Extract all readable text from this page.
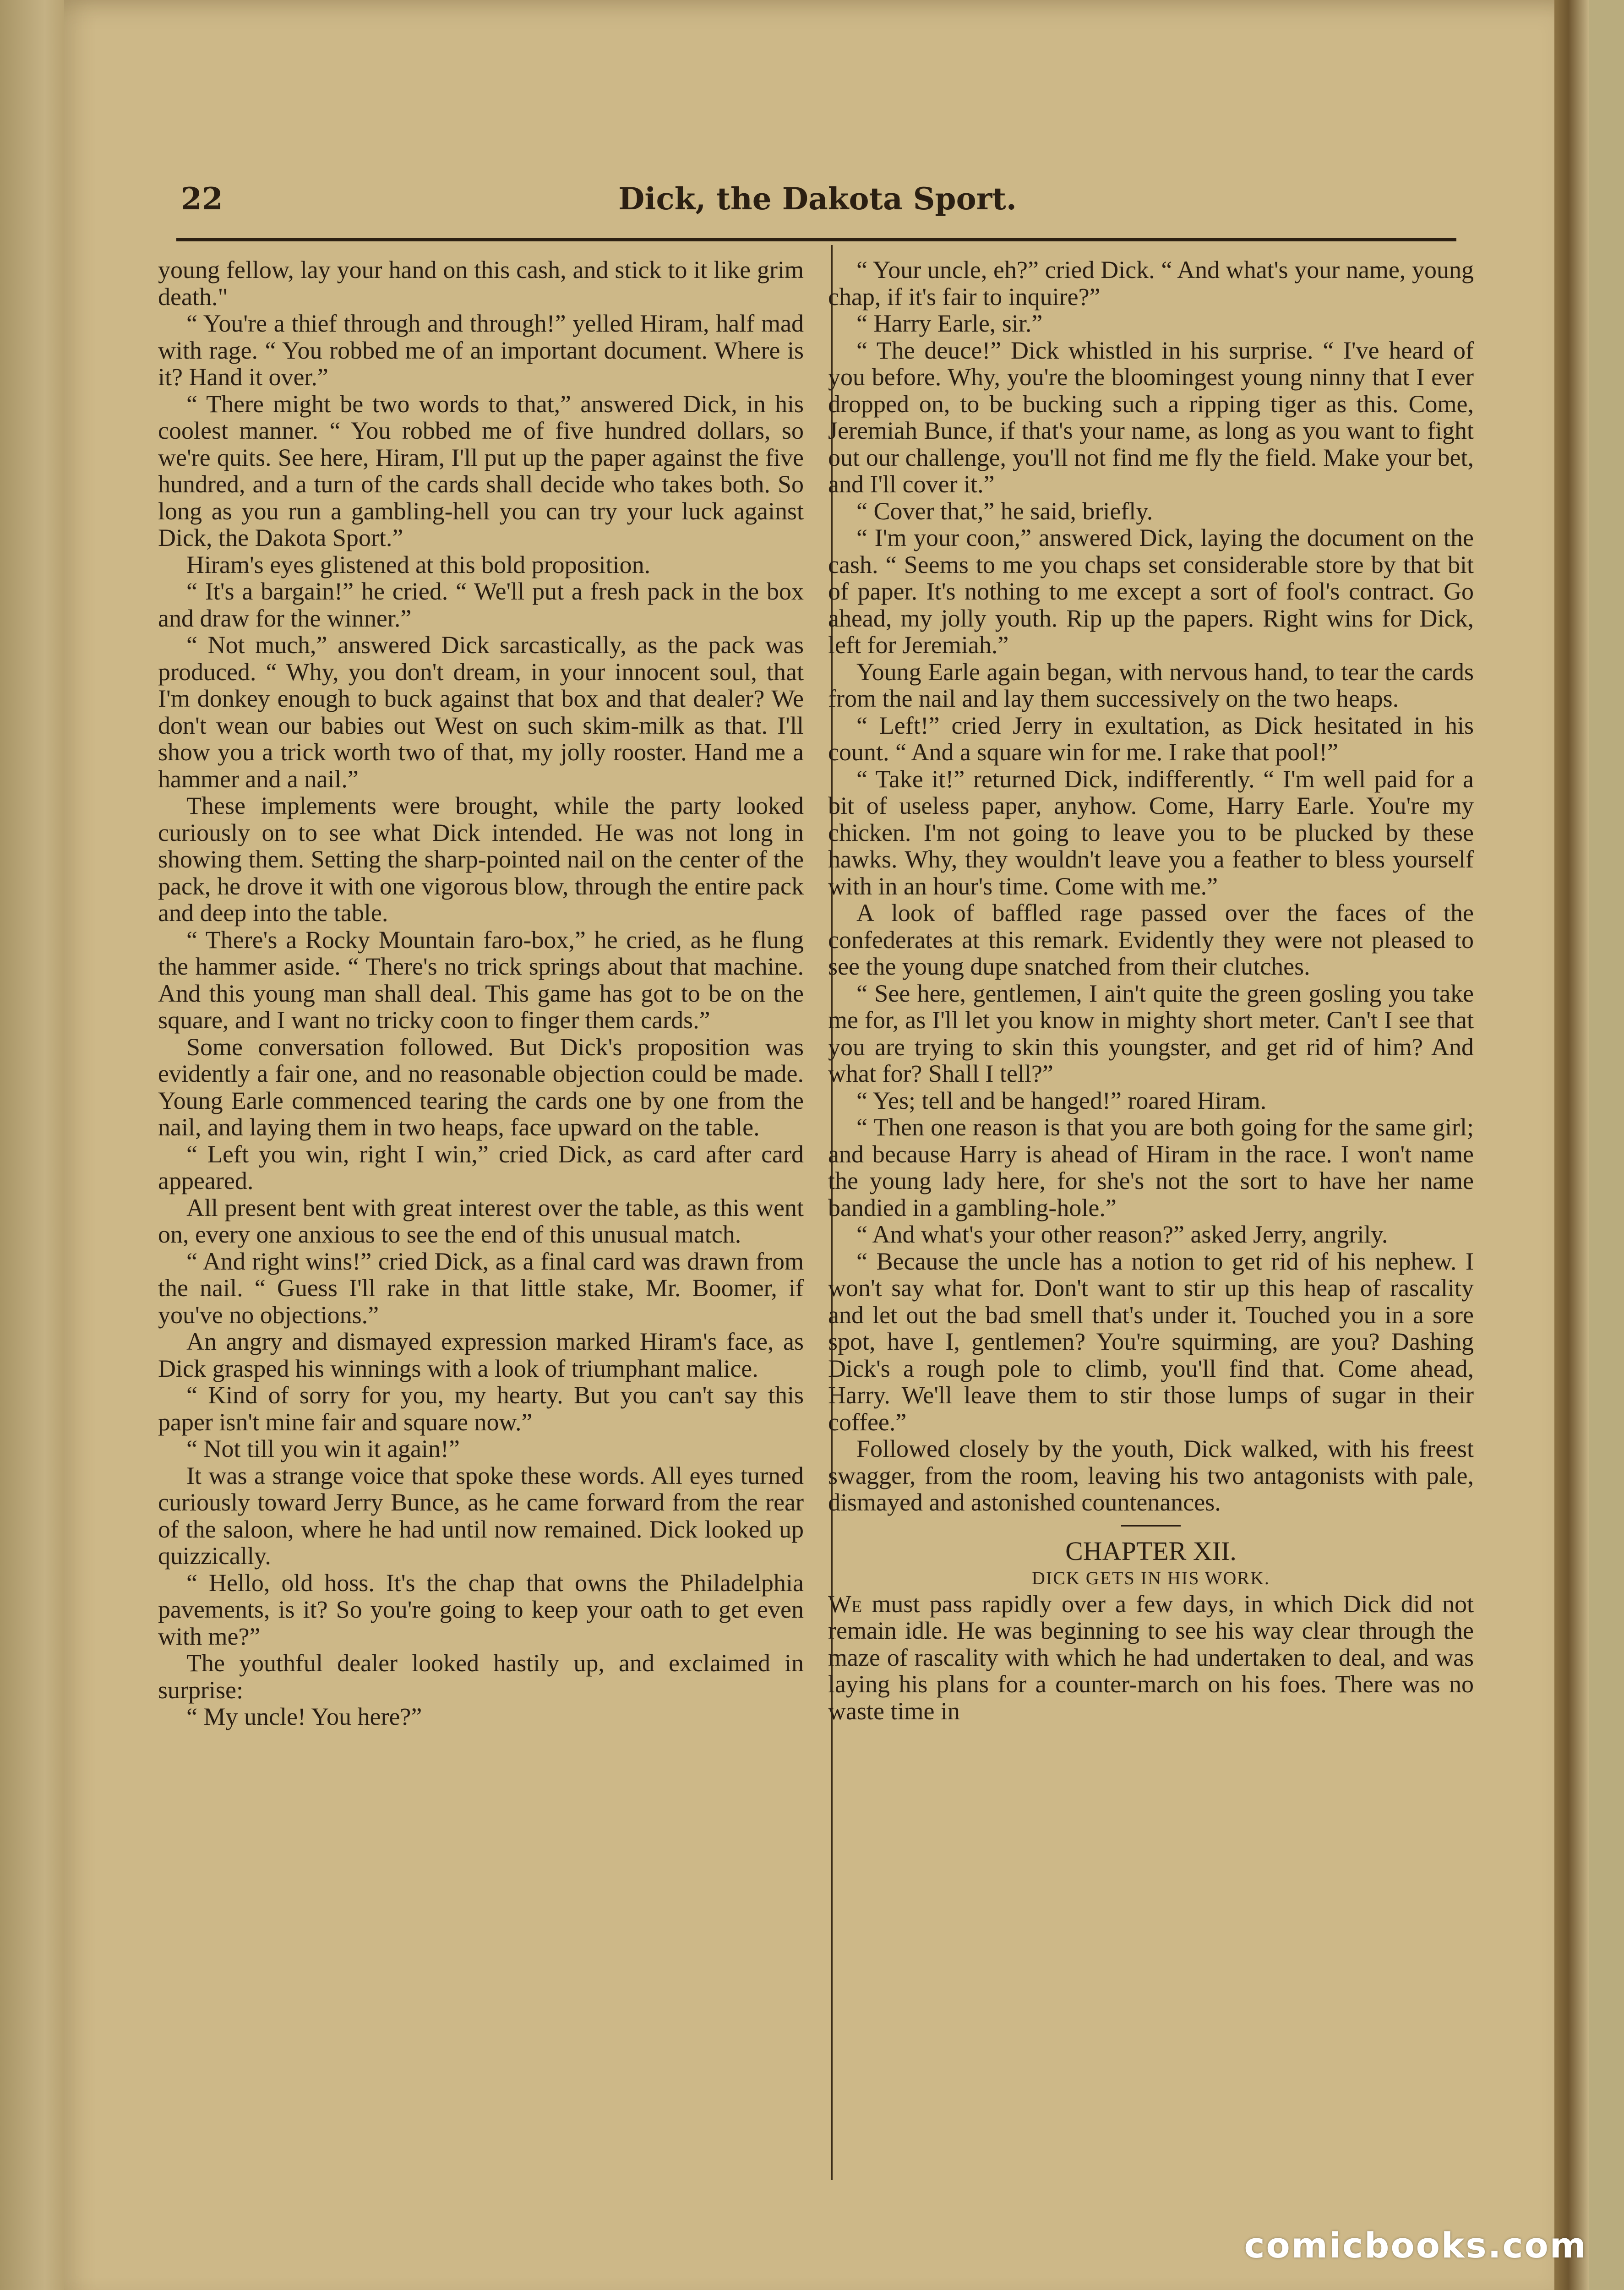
22	Dick, the Dakota Sport.

young fellow, lay your hand on this cash, and stick to it like grim death."

“ You're a thief through and through!” yelled Hiram, half mad with rage. “ You robbed me of an important document. Where is it? Hand it over.”

“ There might be two words to that,” answered Dick, in his coolest manner. “ You robbed me of five hundred dollars, so we're quits. See here, Hiram, I'll put up the paper against the five hundred, and a turn of the cards shall decide who takes both. So long as you run a gambling-hell you can try your luck against Dick, the Dakota Sport.”

Hiram's eyes glistened at this bold proposition.

“ It's a bargain!” he cried. “ We'll put a fresh pack in the box and draw for the winner.”

“ Not much,” answered Dick sarcastically, as the pack was produced. “ Why, you don't dream, in your innocent soul, that I'm donkey enough to buck against that box and that dealer? We don't wean our babies out West on such skim-milk as that. I'll show you a trick worth two of that, my jolly rooster. Hand me a hammer and a nail.”

These implements were brought, while the party looked curiously on to see what Dick intended. He was not long in showing them. Setting the sharp-pointed nail on the center of the pack, he drove it with one vigorous blow, through the entire pack and deep into the table.

“ There's a Rocky Mountain faro-box,” he cried, as he flung the hammer aside. “ There's no trick springs about that machine. And this young man shall deal. This game has got to be on the square, and I want no tricky coon to finger them cards.”

Some conversation followed. But Dick's proposition was evidently a fair one, and no reasonable objection could be made. Young Earle commenced tearing the cards one by one from the nail, and laying them in two heaps, face upward on the table.

“ Left you win, right I win,” cried Dick, as card after card appeared.

All present bent with great interest over the table, as this went on, every one anxious to see the end of this unusual match.

“ And right wins!” cried Dick, as a final card was drawn from the nail. “ Guess I'll rake in that little stake, Mr. Boomer, if you've no objections.”

An angry and dismayed expression marked Hiram's face, as Dick grasped his winnings with a look of triumphant malice.

“ Kind of sorry for you, my hearty. But you can't say this paper isn't mine fair and square now.”

“ Not till you win it again!”

It was a strange voice that spoke these words. All eyes turned curiously toward Jerry Bunce, as he came forward from the rear of the saloon, where he had until now remained. Dick looked up quizzically.

“ Hello, old hoss. It's the chap that owns the Philadelphia pavements, is it? So you're going to keep your oath to get even with me?”

The youthful dealer looked hastily up, and exclaimed in surprise:

“ My uncle! You here?”

“ Your uncle, eh?” cried Dick. “ And what's your name, young chap, if it's fair to inquire?”

“ Harry Earle, sir.”

“ The deuce!” Dick whistled in his surprise. “ I've heard of you before. Why, you're the bloomingest young ninny that I ever dropped on, to be bucking such a ripping tiger as this. Come, Jeremiah Bunce, if that's your name, as long as you want to fight out our challenge, you'll not find me fly the field. Make your bet, and I'll cover it.”

“ Cover that,” he said, briefly.

“ I'm your coon,” answered Dick, laying the document on the cash. “ Seems to me you chaps set considerable store by that bit of paper. It's nothing to me except a sort of fool's contract. Go ahead, my jolly youth. Rip up the papers. Right wins for Dick, left for Jeremiah.”

Young Earle again began, with nervous hand, to tear the cards from the nail and lay them successively on the two heaps.

“ Left!” cried Jerry in exultation, as Dick hesitated in his count. “ And a square win for me. I rake that pool!”

“ Take it!” returned Dick, indifferently. “ I'm well paid for a bit of useless paper, anyhow. Come, Harry Earle. You're my chicken. I'm not going to leave you to be plucked by these hawks. Why, they wouldn't leave you a feather to bless yourself with in an hour's time. Come with me.”

A look of baffled rage passed over the faces of the confederates at this remark. Evidently they were not pleased to see the young dupe snatched from their clutches.

“ See here, gentlemen, I ain't quite the green gosling you take me for, as I'll let you know in mighty short meter. Can't I see that you are trying to skin this youngster, and get rid of him? And what for? Shall I tell?”

“ Yes; tell and be hanged!” roared Hiram.

“ Then one reason is that you are both going for the same girl; and because Harry is ahead of Hiram in the race. I won't name the young lady here, for she's not the sort to have her name bandied in a gambling-hole.”

“ And what's your other reason?” asked Jerry, angrily.

“ Because the uncle has a notion to get rid of his nephew. I won't say what for. Don't want to stir up this heap of rascality and let out the bad smell that's under it. Touched you in a sore spot, have I, gentlemen? You're squirming, are you? Dashing Dick's a rough pole to climb, you'll find that. Come ahead, Harry. We'll leave them to stir those lumps of sugar in their coffee.”

Followed closely by the youth, Dick walked, with his freest swagger, from the room, leaving his two antagonists with pale, dismayed and astonished countenances.

CHAPTER XII.

DICK GETS IN HIS WORK.

We must pass rapidly over a few days, in which Dick did not remain idle. He was beginning to see his way clear through the maze of rascality with which he had undertaken to deal, and was laying his plans for a counter-march on his foes. There was no waste time in

comicbooks.com
